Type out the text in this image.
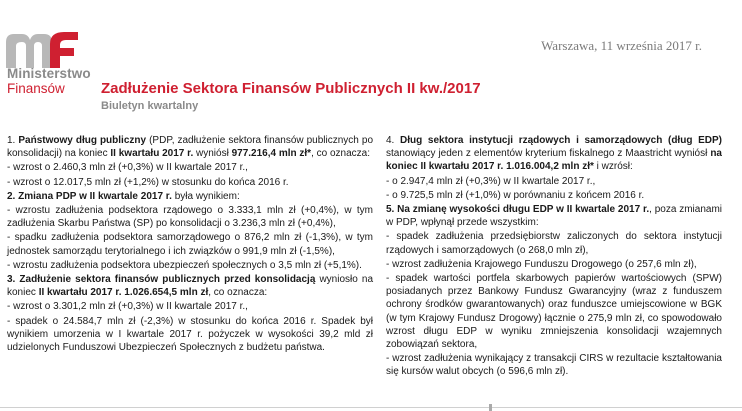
Ministerstwo
Finansów
Warszawa, 11 września 2017 r.
Zadłużenie Sektora Finansów Publicznych II kw./2017
Biuletyn kwartalny

1. Państwowy dług publiczny (PDP, zadłużenie sektora finansów publicznych po konsolidacji) na koniec II kwartału 2017 r. wyniósł 977.216,4 mln zł*, co oznacza:

- wzrost o 2.460,3 mln zł (+0,3%) w II kwartale 2017 r.,

- wzrost o 12.017,5 mln zł (+1,2%) w stosunku do końca 2016 r.

2. Zmiana PDP w II kwartale 2017 r. była wynikiem:

- wzrostu zadłużenia podsektora rządowego o 3.333,1 mln zł (+0,4%), w tym zadłużenia Skarbu Państwa (SP) po konsolidacji o 3.236,3 mln zł (+0,4%),

- spadku zadłużenia podsektora samorządowego o 876,2 mln zł (-1,3%), w tym jednostek samorządu terytorialnego i ich związków o 991,9 mln zł (-1,5%),

- wzrostu zadłużenia podsektora ubezpieczeń społecznych o 3,5 mln zł (+5,1%).

3. Zadłużenie sektora finansów publicznych przed konsolidacją wyniosło na koniec II kwartału 2017 r. 1.026.654,5 mln zł, co oznacza:

- wzrost o 3.301,2 mln zł (+0,3%) w II kwartale 2017 r.,

- spadek o 24.584,7 mln zł (-2,3%) w stosunku do końca 2016 r. Spadek był wynikiem umorzenia w I kwartale 2017 r. pożyczek w wysokości 39,2 mld zł udzielonych Funduszowi Ubezpieczeń Społecznych z budżetu państwa.

4. Dług sektora instytucji rządowych i samorządowych (dług EDP) stanowiący jeden z elementów kryterium fiskalnego z Maastricht wyniósł na koniec II kwartału 2017 r. 1.016.004,2 mln zł* i wzrósł:

- o 2.947,4 mln zł (+0,3%) w II kwartale 2017 r.,

- o 9.725,5 mln zł (+1,0%) w porównaniu z końcem 2016 r.

5. Na zmianę wysokości długu EDP w II kwartale 2017 r., poza zmianami w PDP, wpłynął przede wszystkim:

- spadek zadłużenia przedsiębiorstw zaliczonych do sektora instytucji rządowych i samorządowych (o 268,0 mln zł),

- wzrost zadłużenia Krajowego Funduszu Drogowego (o 257,6 mln zł),

- spadek wartości portfela skarbowych papierów wartościowych (SPW) posiadanych przez Bankowy Fundusz Gwarancyjny (wraz z funduszem ochrony środków gwarantowanych) oraz funduszce umiejscowione w BGK (w tym Krajowy Fundusz Drogowy) łącznie o 275,9 mln zł, co spowodowało wzrost długu EDP w wyniku zmniejszenia konsolidacji wzajemnych zobowiązań sektora,

- wzrost zadłużenia wynikający z transakcji CIRS w rezultacie kształtowania się kursów walut obcych (o 596,6 mln zł).
